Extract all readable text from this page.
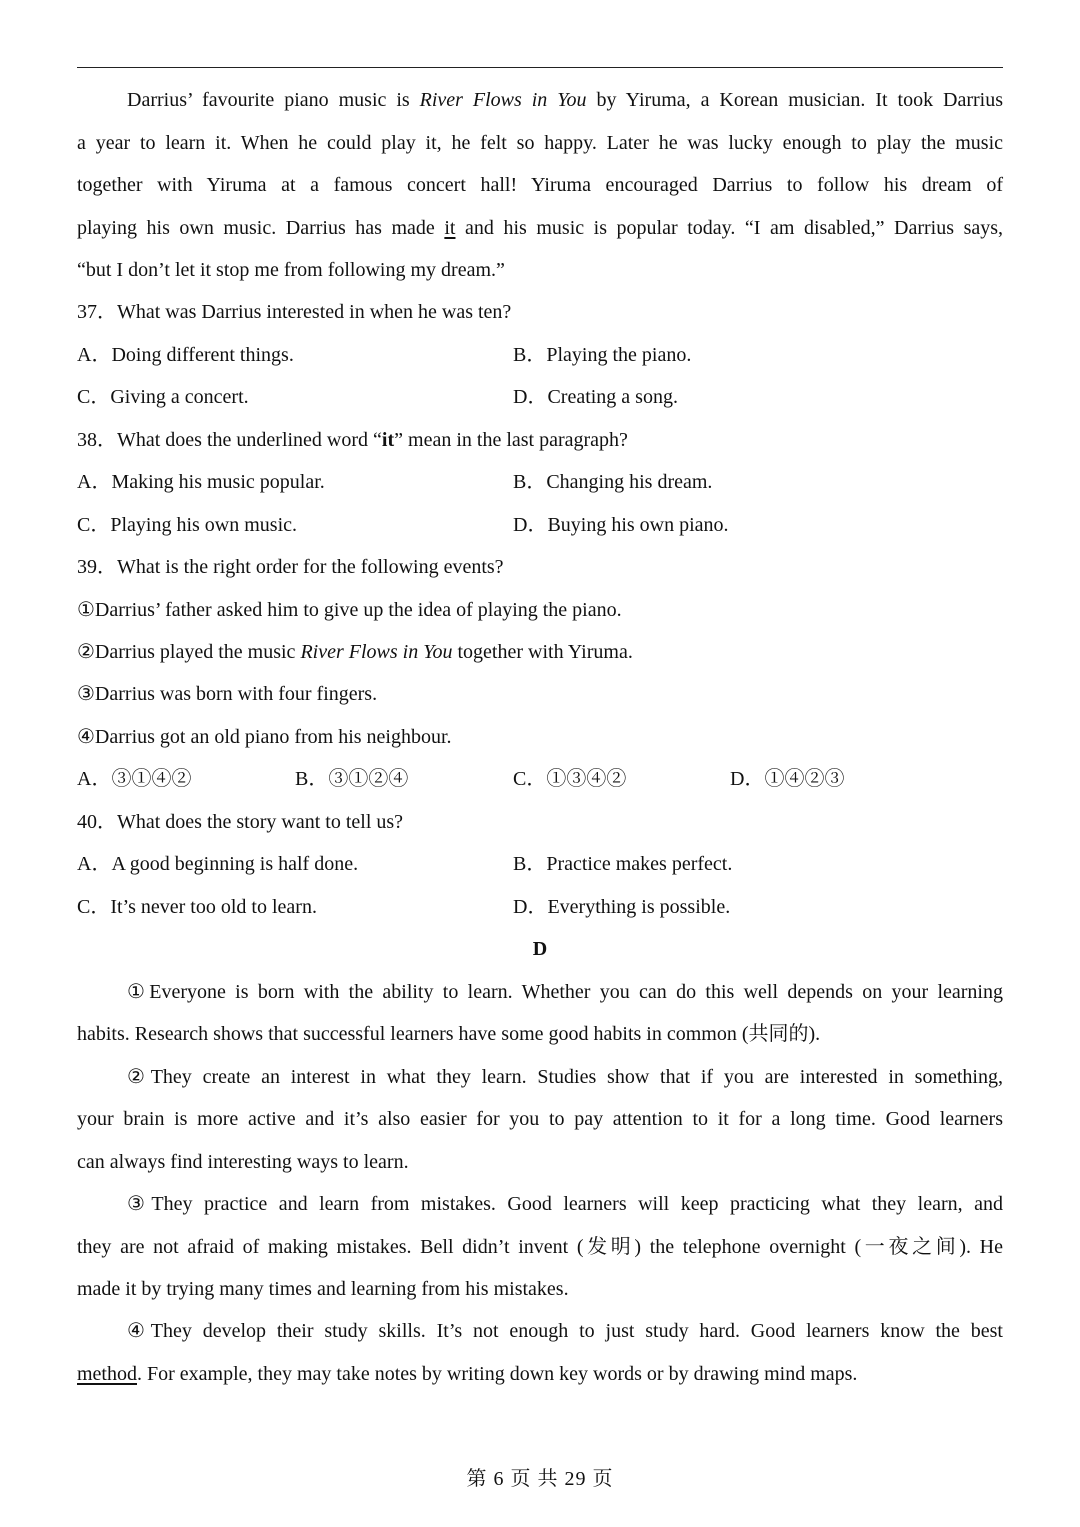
Darrius’ favourite piano music is River Flows in You by Yiruma, a Korean musician. It took Darrius
a year to learn it. When he could play it, he felt so happy. Later he was lucky enough to play the music
together with Yiruma at a famous concert hall! Yiruma encouraged Darrius to follow his dream of
playing his own music. Darrius has made it and his music is popular today. “I am disabled,” Darrius says,
“but I don’t let it stop me from following my dream.”
37．What was Darrius interested in when he was ten?
A．Doing different things.	B．Playing the piano.
C．Giving a concert.	D．Creating a song.
38．What does the underlined word “it” mean in the last paragraph?
A．Making his music popular.	B．Changing his dream.
C．Playing his own music.	D．Buying his own piano.
39．What is the right order for the following events?
①Darrius’ father asked him to give up the idea of playing the piano.
②Darrius played the music River Flows in You together with Yiruma.
③Darrius was born with four fingers.
④Darrius got an old piano from his neighbour.
A．③①④②	B．③①②④	C．①③④②	D．①④②③
40．What does the story want to tell us?
A．A good beginning is half done.	B．Practice makes perfect.
C．It’s never too old to learn.	D．Everything is possible.
D
①Everyone is born with the ability to learn. Whether you can do this well depends on your learning
habits. Research shows that successful learners have some good habits in common (共同的).
②They create an interest in what they learn. Studies show that if you are interested in something,
your brain is more active and it’s also easier for you to pay attention to it for a long time. Good learners
can always find interesting ways to learn.
③They practice and learn from mistakes. Good learners will keep practicing what they learn, and
they are not afraid of making mistakes. Bell didn’t invent (发明) the telephone overnight (一夜之间). He
made it by trying many times and learning from his mistakes.
④They develop their study skills. It’s not enough to just study hard. Good learners know the best
method. For example, they may take notes by writing down key words or by drawing mind maps.
第 6 页 共 29 页
